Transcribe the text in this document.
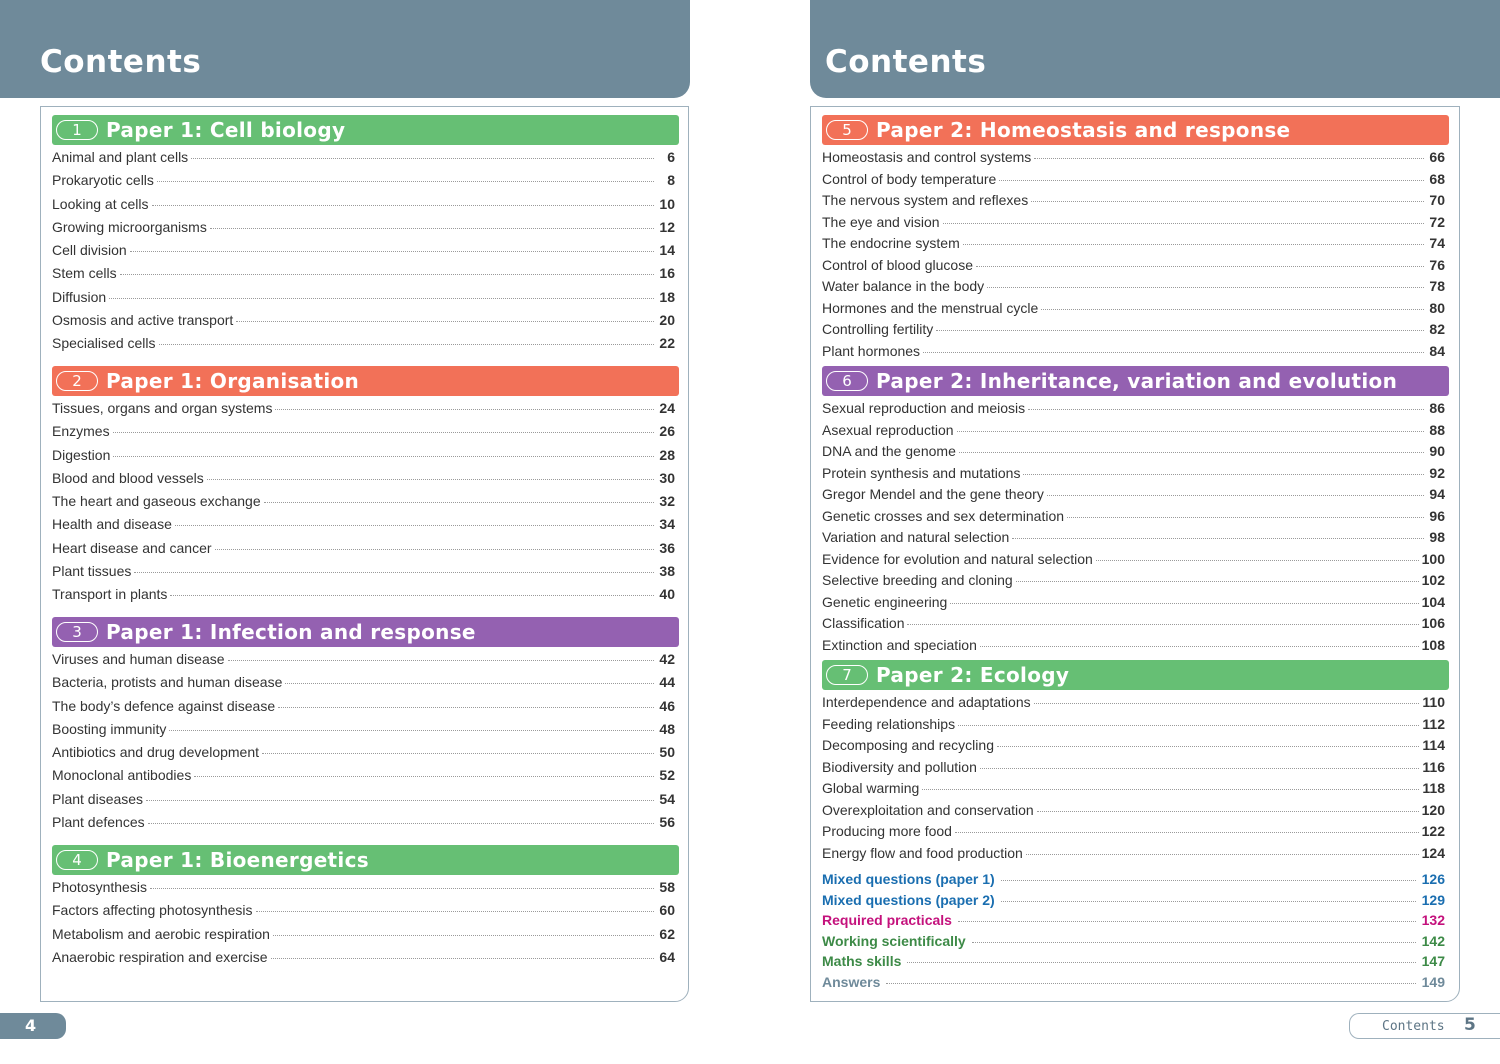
Contents
1	Paper 1: Cell biology
Animal and plant cells	6
Prokaryotic cells	8
Looking at cells	10
Growing microorganisms	12
Cell division	14
Stem cells	16
Diffusion	18
Osmosis and active transport	20
Specialised cells	22
2	Paper 1: Organisation
Tissues, organs and organ systems	24
Enzymes	26
Digestion	28
Blood and blood vessels	30
The heart and gaseous exchange	32
Health and disease	34
Heart disease and cancer	36
Plant tissues	38
Transport in plants	40
3	Paper 1: Infection and response
Viruses and human disease	42
Bacteria, protists and human disease	44
The body’s defence against disease	46
Boosting immunity	48
Antibiotics and drug development	50
Monoclonal antibodies	52
Plant diseases	54
Plant defences	56
4	Paper 1: Bioenergetics
Photosynthesis	58
Factors affecting photosynthesis	60
Metabolism and aerobic respiration	62
Anaerobic respiration and exercise	64
4
Contents
5	Paper 2: Homeostasis and response
Homeostasis and control systems	66
Control of body temperature	68
The nervous system and reflexes	70
The eye and vision	72
The endocrine system	74
Control of blood glucose	76
Water balance in the body	78
Hormones and the menstrual cycle	80
Controlling fertility	82
Plant hormones	84
6	Paper 2: Inheritance, variation and evolution
Sexual reproduction and meiosis	86
Asexual reproduction	88
DNA and the genome	90
Protein synthesis and mutations	92
Gregor Mendel and the gene theory	94
Genetic crosses and sex determination	96
Variation and natural selection	98
Evidence for evolution and natural selection	100
Selective breeding and cloning	102
Genetic engineering	104
Classification	106
Extinction and speciation	108
7	Paper 2: Ecology
Interdependence and adaptations	110
Feeding relationships	112
Decomposing and recycling	114
Biodiversity and pollution	116
Global warming	118
Overexploitation and conservation	120
Producing more food	122
Energy flow and food production	124
Mixed questions (paper 1)	126
Mixed questions (paper 2)	129
Required practicals	132
Working scientifically	142
Maths skills	147
Answers	149
Contents 5
